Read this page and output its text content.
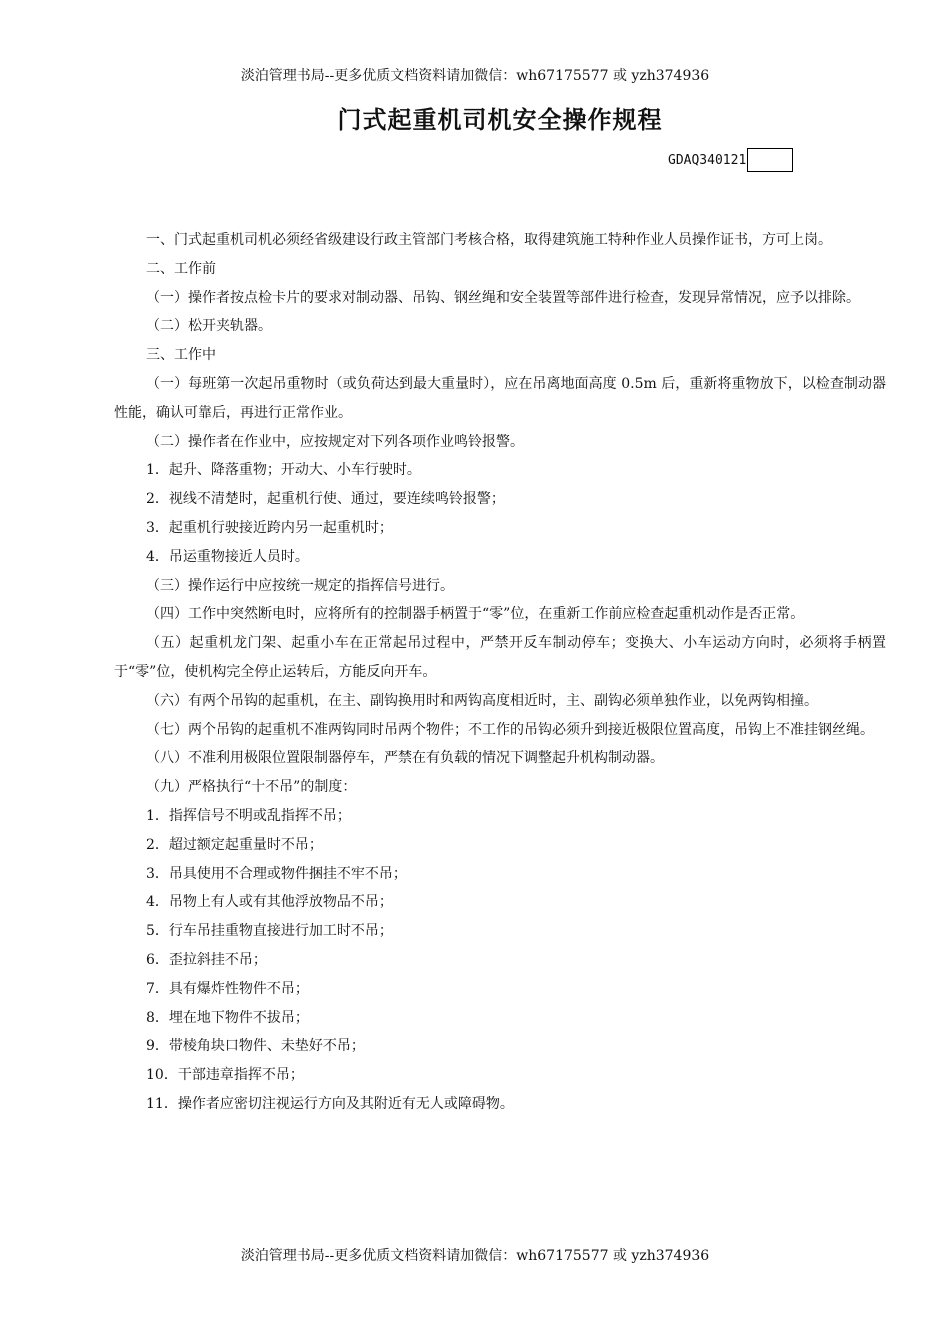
淡泊管理书局--更多优质文档资料请加微信：wh67175577 或 yzh374936
门式起重机司机安全操作规程
GDAQ340121

一、门式起重机司机必须经省级建设行政主管部门考核合格，取得建筑施工特种作业人员操作证书，方可上岗。

二、工作前

（一）操作者按点检卡片的要求对制动器、吊钩、钢丝绳和安全装置等部件进行检查，发现异常情况，应予以排除。

（二）松开夹轨器。

三、工作中

（一）每班第一次起吊重物时（或负荷达到最大重量时），应在吊离地面高度 0.5m 后，重新将重物放下，以检查制动器性能，确认可靠后，再进行正常作业。

（二）操作者在作业中，应按规定对下列各项作业鸣铃报警。

1．起升、降落重物；开动大、小车行驶时。

2．视线不清楚时，起重机行使、通过，要连续鸣铃报警；

3．起重机行驶接近跨内另一起重机时；

4．吊运重物接近人员时。

（三）操作运行中应按统一规定的指挥信号进行。

（四）工作中突然断电时，应将所有的控制器手柄置于“零”位，在重新工作前应检查起重机动作是否正常。

（五）起重机龙门架、起重小车在正常起吊过程中，严禁开反车制动停车；变换大、小车运动方向时，必须将手柄置于“零”位，使机构完全停止运转后，方能反向开车。

（六）有两个吊钩的起重机，在主、副钩换用时和两钩高度相近时，主、副钩必须单独作业，以免两钩相撞。

（七）两个吊钩的起重机不准两钩同时吊两个物件；不工作的吊钩必须升到接近极限位置高度，吊钩上不准挂钢丝绳。

（八）不准利用极限位置限制器停车，严禁在有负载的情况下调整起升机构制动器。

（九）严格执行“十不吊”的制度：

1．指挥信号不明或乱指挥不吊；

2．超过额定起重量时不吊；

3．吊具使用不合理或物件捆挂不牢不吊；

4．吊物上有人或有其他浮放物品不吊；

5．行车吊挂重物直接进行加工时不吊；

6．歪拉斜挂不吊；

7．具有爆炸性物件不吊；

8．埋在地下物件不拔吊；

9．带棱角块口物件、未垫好不吊；

10．干部违章指挥不吊；

11．操作者应密切注视运行方向及其附近有无人或障碍物。

淡泊管理书局--更多优质文档资料请加微信：wh67175577 或 yzh374936
